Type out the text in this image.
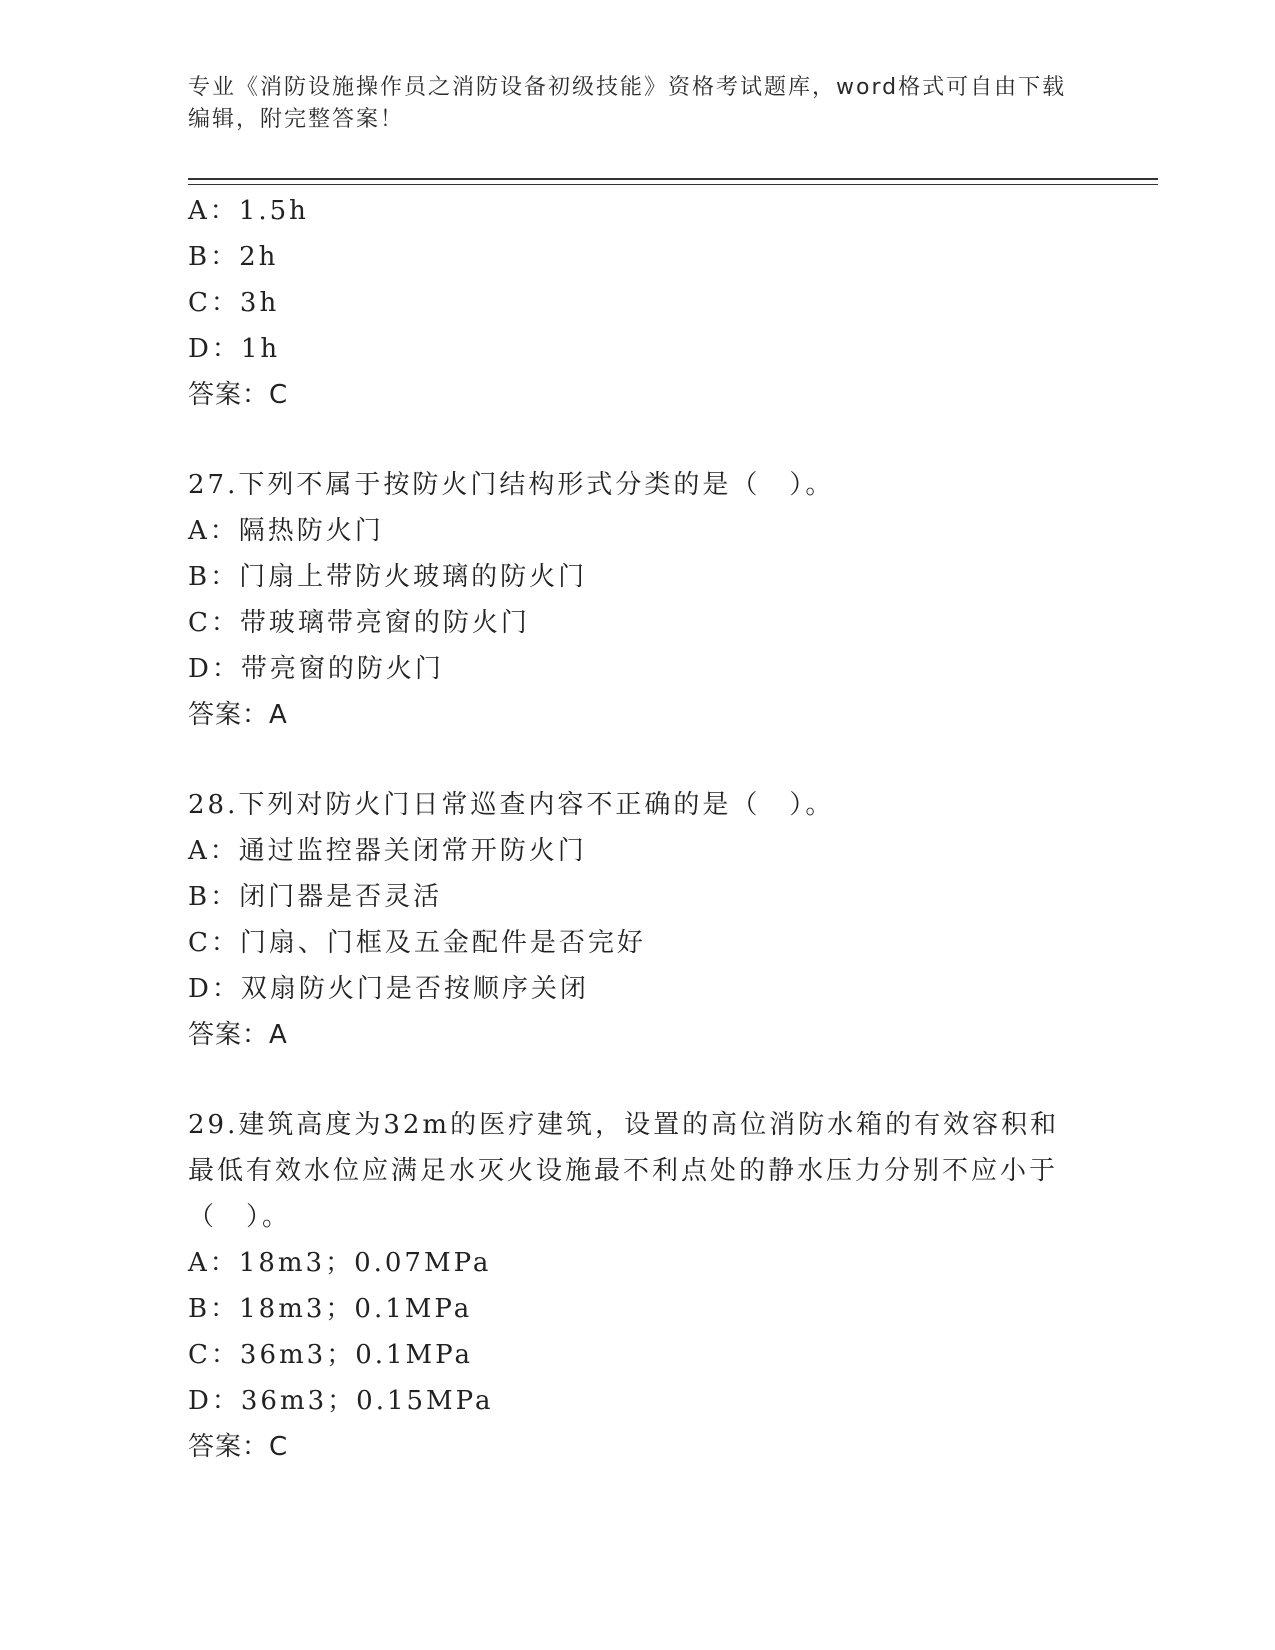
专业《消防设施操作员之消防设备初级技能》资格考试题库，word格式可自由下载编辑，附完整答案！
A：1.5h
B：2h
C：3h
D：1h
答案：C
27.下列不属于按防火门结构形式分类的是（　）。
A：隔热防火门
B：门扇上带防火玻璃的防火门
C：带玻璃带亮窗的防火门
D：带亮窗的防火门
答案：A
28.下列对防火门日常巡查内容不正确的是（　）。
A：通过监控器关闭常开防火门
B：闭门器是否灵活
C：门扇、门框及五金配件是否完好
D：双扇防火门是否按顺序关闭
答案：A
29.建筑高度为32m的医疗建筑，设置的高位消防水箱的有效容积和最低有效水位应满足水灭火设施最不利点处的静水压力分别不应小于（　）。
A：18m3；0.07MPa
B：18m3；0.1MPa
C：36m3；0.1MPa
D：36m3；0.15MPa
答案：C
